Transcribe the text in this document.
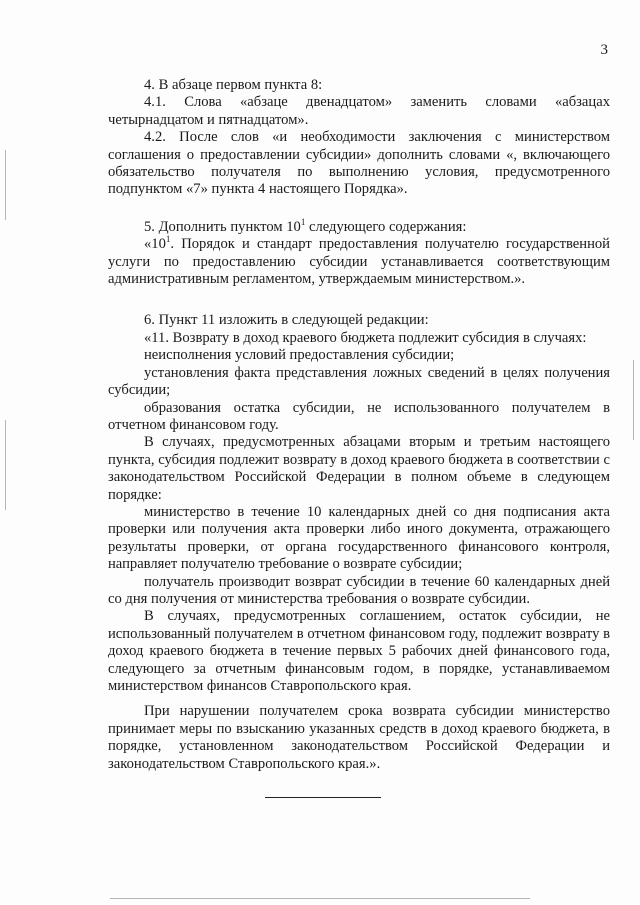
3

4. В абзаце первом пункта 8:

4.1. Слова «абзаце двенадцатом» заменить словами «абзацах четырнадцатом и пятнадцатом».

4.2. После слов «и необходимости заключения с министерством соглашения о предоставлении субсидии» дополнить словами «, включающего обязательство получателя по выполнению условия, предусмотренного подпунктом «7» пункта 4 настоящего Порядка».

5. Дополнить пунктом $10^1$ следующего содержания:

«$10^1$. Порядок и стандарт предоставления получателю государственной услуги по предоставлению субсидии устанавливается соответствующим административным регламентом, утверждаемым министерством.».

6. Пункт 11 изложить в следующей редакции:

«11. Возврату в доход краевого бюджета подлежит субсидия в случаях:

неисполнения условий предоставления субсидии;

установления факта представления ложных сведений в целях получения субсидии;

образования остатка субсидии, не использованного получателем в отчетном финансовом году.

В случаях, предусмотренных абзацами вторым и третьим настоящего пункта, субсидия подлежит возврату в доход краевого бюджета в соответствии с законодательством Российской Федерации в полном объеме в следующем порядке:

министерство в течение 10 календарных дней со дня подписания акта проверки или получения акта проверки либо иного документа, отражающего результаты проверки, от органа государственного финансового контроля, направляет получателю требование о возврате субсидии;

получатель производит возврат субсидии в течение 60 календарных дней со дня получения от министерства требования о возврате субсидии.

В случаях, предусмотренных соглашением, остаток субсидии, не использованный получателем в отчетном финансовом году, подлежит возврату в доход краевого бюджета в течение первых 5 рабочих дней финансового года, следующего за отчетным финансовым годом, в порядке, устанавливаемом министерством финансов Ставропольского края.

При нарушении получателем срока возврата субсидии министерство принимает меры по взысканию указанных средств в доход краевого бюджета, в порядке, установленном законодательством Российской Федерации и законодательством Ставропольского края.».
